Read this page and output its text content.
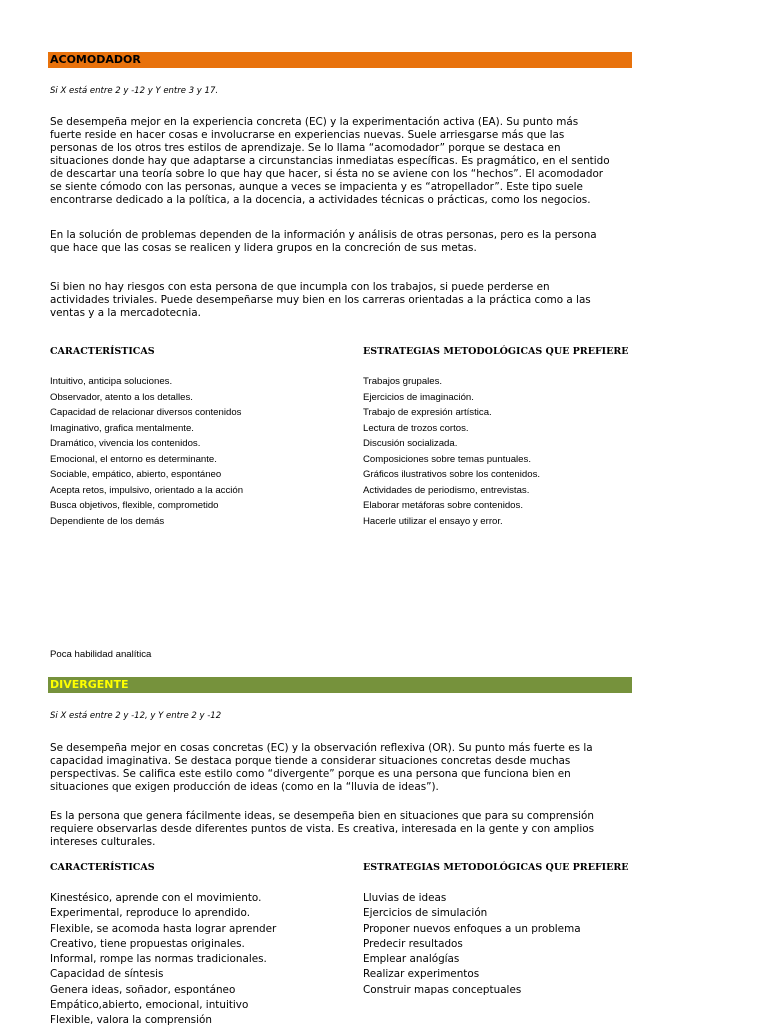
ACOMODADOR
Si X está entre 2 y -12 y Y entre 3 y 17.
Se desempeña mejor en la experiencia concreta (EC) y la experimentación activa (EA). Su punto más
fuerte reside en hacer cosas e involucrarse en experiencias nuevas. Suele arriesgarse más que las
personas de los otros tres estilos de aprendizaje. Se lo llama “acomodador” porque se destaca en
situaciones donde hay que adaptarse a circunstancias inmediatas específicas. Es pragmático, en el sentido
de descartar una teoría sobre lo que hay que hacer, si ésta no se aviene con los “hechos”. El acomodador
se siente cómodo con las personas, aunque a veces se impacienta y es “atropellador”. Este tipo suele
encontrarse dedicado a la política, a la docencia, a actividades técnicas o prácticas, como los negocios.
En la solución de problemas dependen de la información y análisis de otras personas, pero es la persona
que hace que las cosas se realicen y lidera grupos en la concreción de sus metas.
Si bien no hay riesgos con esta persona de que incumpla con los trabajos, si puede perderse en
actividades triviales. Puede desempeñarse muy bien en los carreras orientadas a la práctica como a las
ventas y a la mercadotecnia.
CARACTERÍSTICAS	ESTRATEGIAS METODOLÓGICAS QUE PREFIERE
Intuitivo, anticipa soluciones.
Observador, atento a los detalles.
Capacidad de relacionar diversos contenidos
Imaginativo, grafica mentalmente.
Dramático, vivencia los contenidos.
Emocional, el entorno es determinante.
Sociable, empático, abierto, espontáneo
Acepta retos, impulsivo, orientado a la acción
Busca objetivos, flexible, comprometido
Dependiente de los demás
Trabajos grupales.
Ejercicios de imaginación.
Trabajo de expresión artística.
Lectura de trozos cortos.
Discusión socializada.
Composiciones sobre temas puntuales.
Gráficos ilustrativos sobre los contenidos.
Actividades de periodismo, entrevistas.
Elaborar metáforas sobre contenidos.
Hacerle utilizar el ensayo y error.
Poca habilidad analítica
DIVERGENTE
Si X está entre 2 y -12, y Y entre 2 y -12
Se desempeña mejor en cosas concretas (EC) y la observación reflexiva (OR). Su punto más fuerte es la
capacidad imaginativa. Se destaca porque tiende a considerar situaciones concretas desde muchas
perspectivas. Se califica este estilo como “divergente” porque es una persona que funciona bien en
situaciones que exigen producción de ideas (como en la “lluvia de ideas”).
Es la persona que genera fácilmente ideas, se desempeña bien en situaciones que para su comprensión
requiere observarlas desde diferentes puntos de vista. Es creativa, interesada en la gente y con amplios
intereses culturales.
CARACTERÍSTICAS	ESTRATEGIAS METODOLÓGICAS QUE PREFIERE
Kinestésico, aprende con el movimiento.
Experimental, reproduce lo aprendido.
Flexible, se acomoda hasta lograr aprender
Creativo, tiene propuestas originales.
Informal, rompe las normas tradicionales.
Capacidad de síntesis
Genera ideas, soñador, espontáneo
Empático,abierto, emocional, intuitivo
Flexible, valora la comprensión
Lluvias de ideas
Ejercicios de simulación
Proponer nuevos enfoques a un problema
Predecir resultados
Emplear analógías
Realizar experimentos
Construir mapas conceptuales
